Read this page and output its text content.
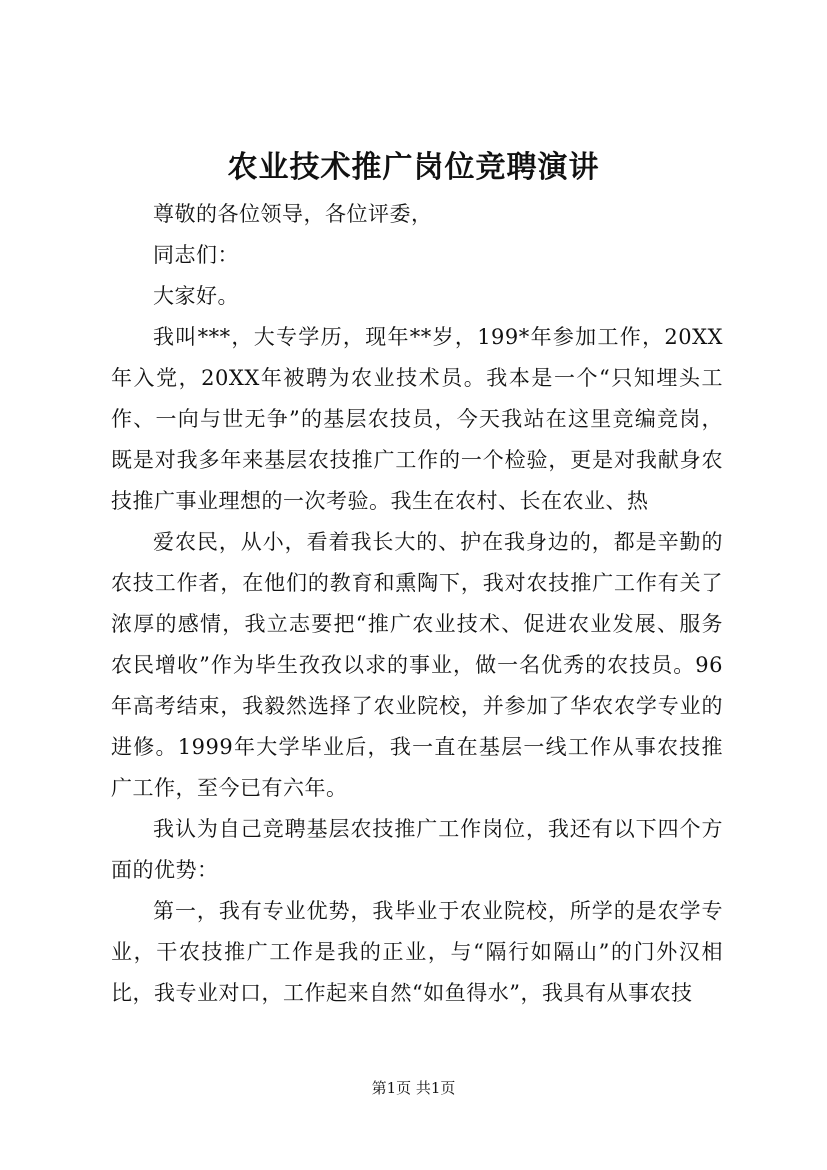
农业技术推广岗位竞聘演讲

尊敬的各位领导，各位评委，

同志们：

大家好。

我叫***，大专学历，现年**岁，199*年参加工作，20XX年入党，20XX年被聘为农业技术员。我本是一个“只知埋头工作、一向与世无争”的基层农技员，今天我站在这里竞编竞岗，既是对我多年来基层农技推广工作的一个检验，更是对我献身农技推广事业理想的一次考验。我生在农村、长在农业、热

爱农民，从小，看着我长大的、护在我身边的，都是辛勤的农技工作者，在他们的教育和熏陶下，我对农技推广工作有关了浓厚的感情，我立志要把“推广农业技术、促进农业发展、服务农民增收”作为毕生孜孜以求的事业，做一名优秀的农技员。96年高考结束，我毅然选择了农业院校，并参加了华农农学专业的进修。1999年大学毕业后，我一直在基层一线工作从事农技推广工作，至今已有六年。

我认为自己竞聘基层农技推广工作岗位，我还有以下四个方面的优势：

第一，我有专业优势，我毕业于农业院校，所学的是农学专业，干农技推广工作是我的正业，与“隔行如隔山”的门外汉相比，我专业对口，工作起来自然“如鱼得水”，我具有从事农技

第1页 共1页
